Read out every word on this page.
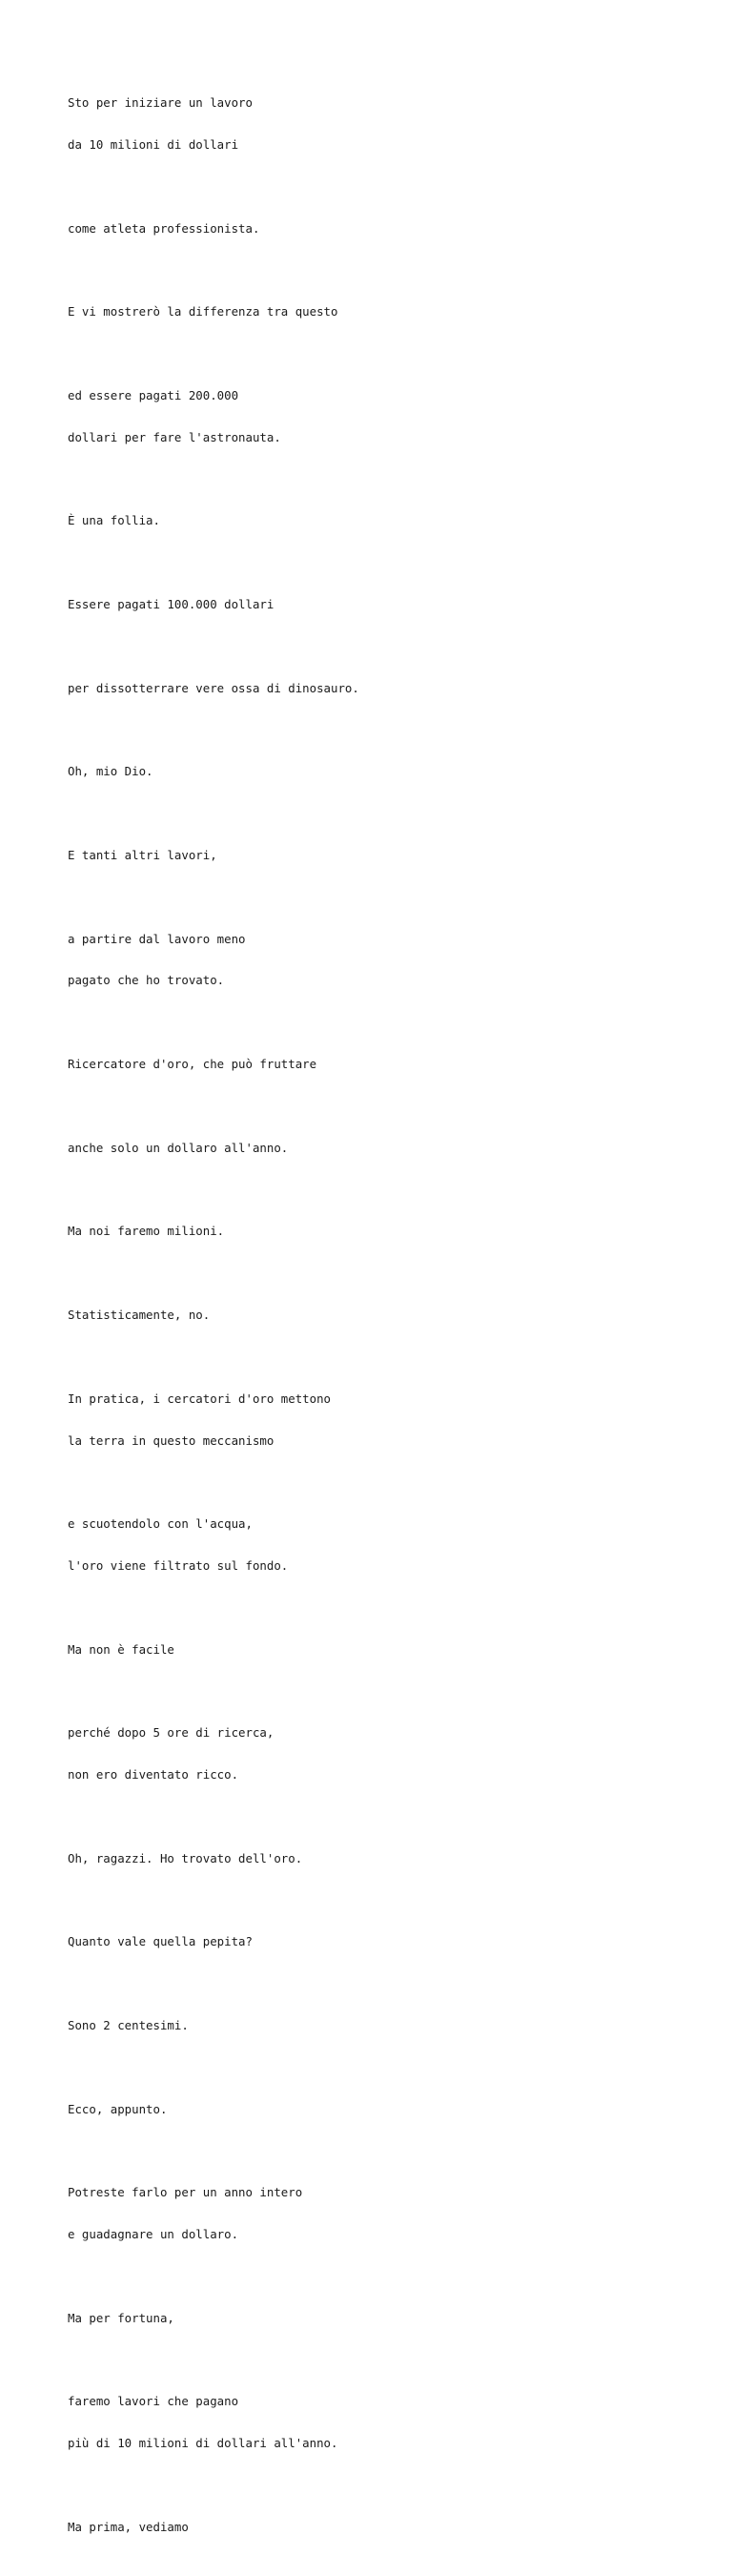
Sto per iniziare un lavoro

da 10 milioni di dollari

come atleta professionista.

E vi mostrerò la differenza tra questo

ed essere pagati 200.000

dollari per fare l'astronauta.

È una follia.

Essere pagati 100.000 dollari

per dissotterrare vere ossa di dinosauro.

Oh, mio Dio.

E tanti altri lavori,

a partire dal lavoro meno

pagato che ho trovato.

Ricercatore d'oro, che può fruttare

anche solo un dollaro all'anno.

Ma noi faremo milioni.

Statisticamente, no.

In pratica, i cercatori d'oro mettono

la terra in questo meccanismo

e scuotendolo con l'acqua,

l'oro viene filtrato sul fondo.

Ma non è facile

perché dopo 5 ore di ricerca,

non ero diventato ricco.

Oh, ragazzi. Ho trovato dell'oro.

Quanto vale quella pepita?

Sono 2 centesimi.

Ecco, appunto.

Potreste farlo per un anno intero

e guadagnare un dollaro.

Ma per fortuna,

faremo lavori che pagano

più di 10 milioni di dollari all'anno.

Ma prima, vediamo
